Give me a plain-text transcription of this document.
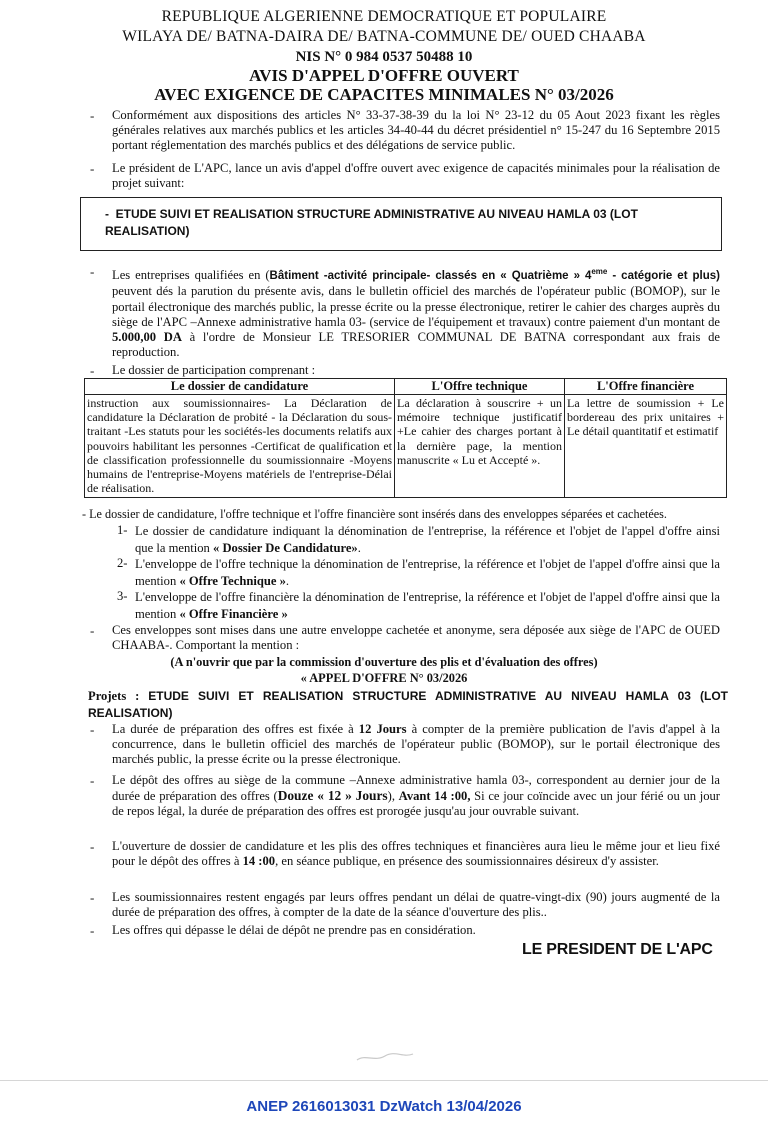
REPUBLIQUE ALGERIENNE DEMOCRATIQUE ET POPULAIRE
WILAYA DE/ BATNA-DAIRA DE/ BATNA-COMMUNE DE/ OUED CHAABA
NIS N° 0 984 0537 50488 10
AVIS D'APPEL D'OFFRE OUVERT
AVEC EXIGENCE DE CAPACITES MINIMALES N° 03/2026
- Conformément aux dispositions des articles N° 33-37-38-39 du la loi N° 23-12 du 05 Aout 2023 fixant les règles générales relatives aux marchés publics et les articles 34-40-44 du décret présidentiel n° 15-247 du 16 Septembre 2015 portant réglementation des marchés publics et des délégations de service public.
- Le président de L'APC, lance un avis d'appel d'offre ouvert avec exigence de capacités minimales pour la réalisation de projet suivant:
-  ETUDE SUIVI ET REALISATION STRUCTURE ADMINISTRATIVE AU NIVEAU HAMLA 03 (LOT REALISATION)
- Les entreprises qualifiées en (Bâtiment -activité principale- classés en « Quatrième » 4eme - catégorie et plus) peuvent dés la parution du présente avis, dans le bulletin officiel des marchés de l'opérateur public (BOMOP), sur le portail électronique des marchés public, la presse écrite ou la presse électronique, retirer le cahier des charges auprès du siège de l'APC –Annexe administrative hamla 03- (service de l'équipement et travaux) contre paiement d'un montant de 5.000,00 DA à l'ordre de Monsieur LE TRESORIER COMMUNAL DE BATNA correspondant aux frais de reproduction.
- Le dossier de participation comprenant :
Le dossier de candidature	L'Offre technique	L'Offre financière
instruction aux soumissionnaires- La Déclaration de candidature la Déclaration de probité - la Déclaration du sous-traitant -Les statuts pour les sociétés-les documents relatifs aux pouvoirs habilitant les personnes -Certificat de qualification et de classification professionnelle du soumissionnaire -Moyens humains de l'entreprise-Moyens matériels de l'entreprise-Délai de réalisation.	La déclaration à souscrire + un mémoire technique justificatif +Le cahier des charges portant à la dernière page, la mention manuscrite « Lu et Accepté ».	La lettre de soumission + Le bordereau des prix unitaires + Le détail quantitatif et estimatif
- Le dossier de candidature, l'offre technique et l'offre financière sont insérés dans des enveloppes séparées et cachetées.
1- Le dossier de candidature indiquant la dénomination de l'entreprise, la référence et l'objet de l'appel d'offre ainsi que la mention « Dossier De Candidature».
2- L'enveloppe de l'offre technique la dénomination de l'entreprise, la référence et l'objet de l'appel d'offre ainsi que la mention « Offre Technique ».
3- L'enveloppe de l'offre financière la dénomination de l'entreprise, la référence et l'objet de l'appel d'offre ainsi que la mention « Offre Financière »
- Ces enveloppes sont mises dans une autre enveloppe cachetée et anonyme, sera déposée aux siège de l'APC de OUED CHAABA-. Comportant la mention :
(A n'ouvrir que par la commission d'ouverture des plis et d'évaluation des offres)
« APPEL D'OFFRE N° 03/2026
Projets : ETUDE SUIVI ET REALISATION STRUCTURE ADMINISTRATIVE AU NIVEAU HAMLA 03 (LOT REALISATION)
- La durée de préparation des offres est fixée à 12 Jours à compter de la première publication de l'avis d'appel à la concurrence, dans le bulletin officiel des marchés de l'opérateur public (BOMOP), sur le portail électronique des marchés public, la presse écrite ou la presse électronique.
- Le dépôt des offres au siège de la commune –Annexe administrative hamla 03-, correspondent au dernier jour de la durée de préparation des offres (Douze « 12 » Jours), Avant 14 :00, Si ce jour coïncide avec un jour férié ou un jour de repos légal, la durée de préparation des offres est prorogée jusqu'au jour ouvrable suivant.
- L'ouverture de dossier de candidature et les plis des offres techniques et financières aura lieu le même jour et lieu fixé pour le dépôt des offres à 14 :00, en séance publique, en présence des soumissionnaires désireux d'y assister.
- Les soumissionnaires restent engagés par leurs offres pendant un délai de quatre-vingt-dix (90) jours augmenté de la durée de préparation des offres, à compter de la date de la séance d'ouverture des plis..
- Les offres qui dépasse le délai de dépôt ne prendre pas en considération.
LE PRESIDENT DE L'APC
ANEP 2616013031 DzWatch 13/04/2026
